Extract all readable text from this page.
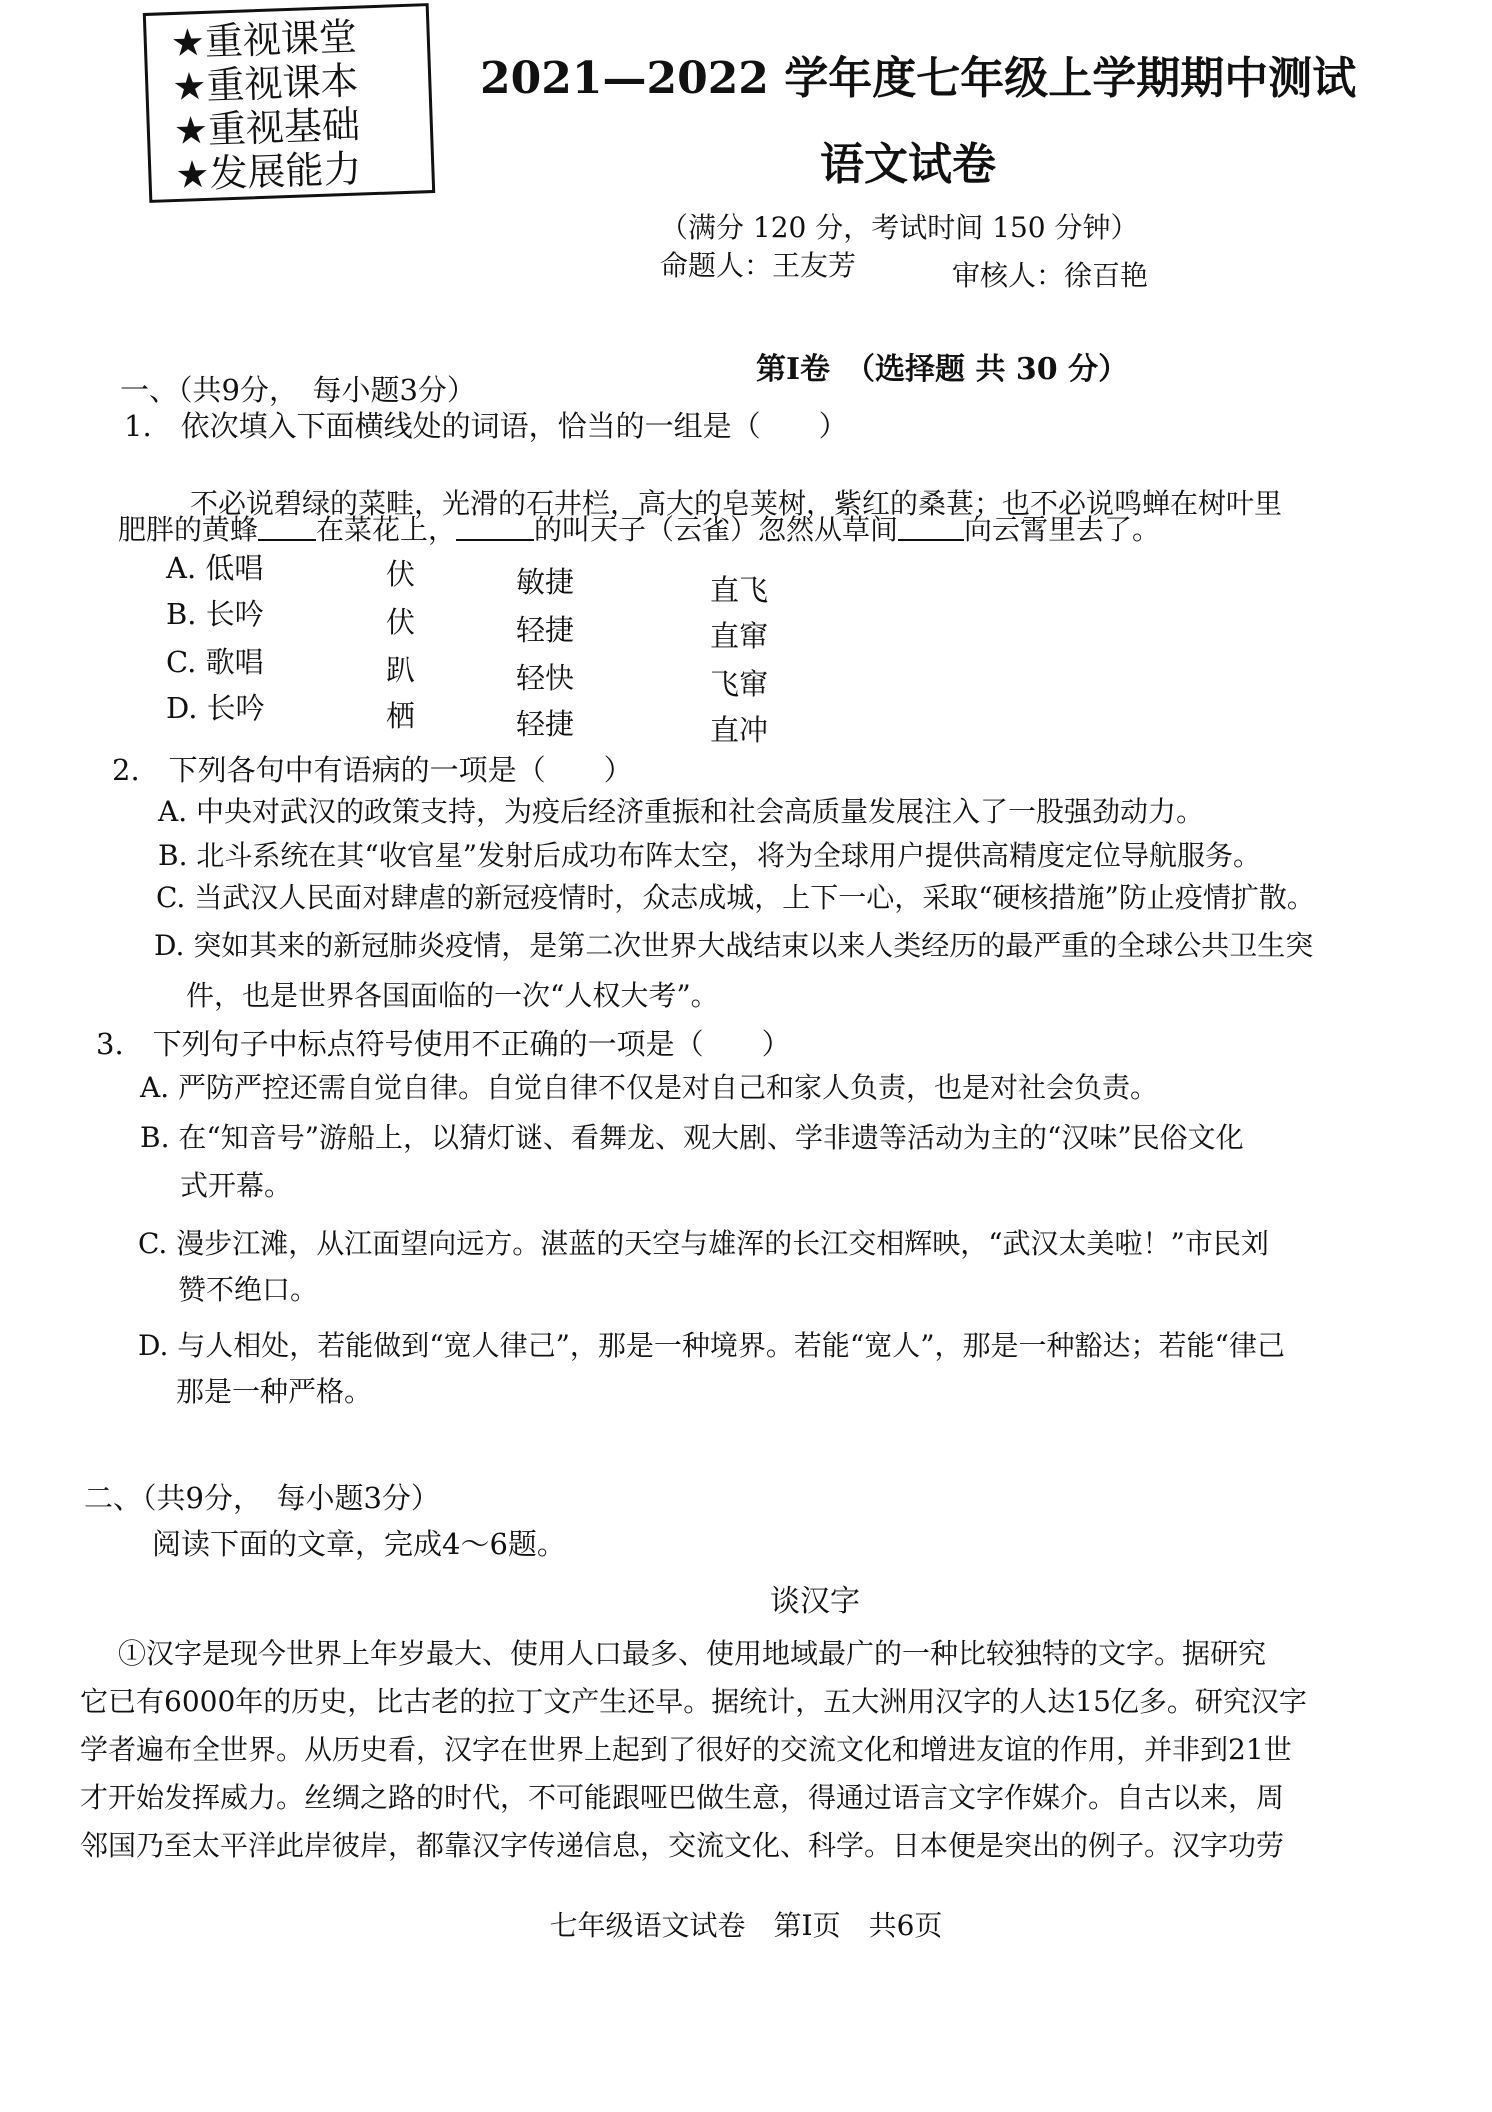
★重视课堂
★重视课本
★重视基础
★发展能力
2021—2022 学年度七年级上学期期中测试
语文试卷
（满分 120 分，考试时间 150 分钟）
命题人：王友芳	审核人：徐百艳
第Ⅰ卷　（选择题 共 30 分）
一、（共9分，　每小题3分）
1.　依次填入下面横线处的词语，恰当的一组是（　　）
不必说碧绿的菜畦，光滑的石井栏，高大的皂荚树，紫红的桑葚；也不必说鸣蝉在树叶里
肥胖的黄蜂 在菜花上，	的叫天子（云雀）忽然从草间 向云霄里去了。
A. 低唱	伏	敏捷	直飞
B. 长吟	伏	轻捷	直窜
C. 歌唱	趴	轻快	飞窜
D. 长吟	栖	轻捷	直冲
2.　下列各句中有语病的一项是（　　）
A. 中央对武汉的政策支持，为疫后经济重振和社会高质量发展注入了一股强劲动力。
B. 北斗系统在其“收官星”发射后成功布阵太空，将为全球用户提供高精度定位导航服务。
C. 当武汉人民面对肆虐的新冠疫情时，众志成城，上下一心，采取“硬核措施”防止疫情扩散。
D. 突如其来的新冠肺炎疫情，是第二次世界大战结束以来人类经历的最严重的全球公共卫生突
件，也是世界各国面临的一次“人权大考”。
3.　下列句子中标点符号使用不正确的一项是（　　）
A. 严防严控还需自觉自律。自觉自律不仅是对自己和家人负责，也是对社会负责。
B. 在“知音号”游船上，以猜灯谜、看舞龙、观大剧、学非遗等活动为主的“汉味”民俗文化
式开幕。
C. 漫步江滩，从江面望向远方。湛蓝的天空与雄浑的长江交相辉映，“武汉太美啦！”市民刘
赞不绝口。
D. 与人相处，若能做到“宽人律己”，那是一种境界。若能“宽人”，那是一种豁达；若能“律己
那是一种严格。
二、（共9分，　每小题3分）
阅读下面的文章，完成4～6题。
谈汉字
①汉字是现今世界上年岁最大、使用人口最多、使用地域最广的一种比较独特的文字。据研究
它已有6000年的历史，比古老的拉丁文产生还早。据统计，五大洲用汉字的人达15亿多。研究汉字
学者遍布全世界。从历史看，汉字在世界上起到了很好的交流文化和增进友谊的作用，并非到21世
才开始发挥威力。丝绸之路的时代，不可能跟哑巴做生意，得通过语言文字作媒介。自古以来，周
邻国乃至太平洋此岸彼岸，都靠汉字传递信息，交流文化、科学。日本便是突出的例子。汉字功劳
七年级语文试卷　第Ⅰ页　共6页
